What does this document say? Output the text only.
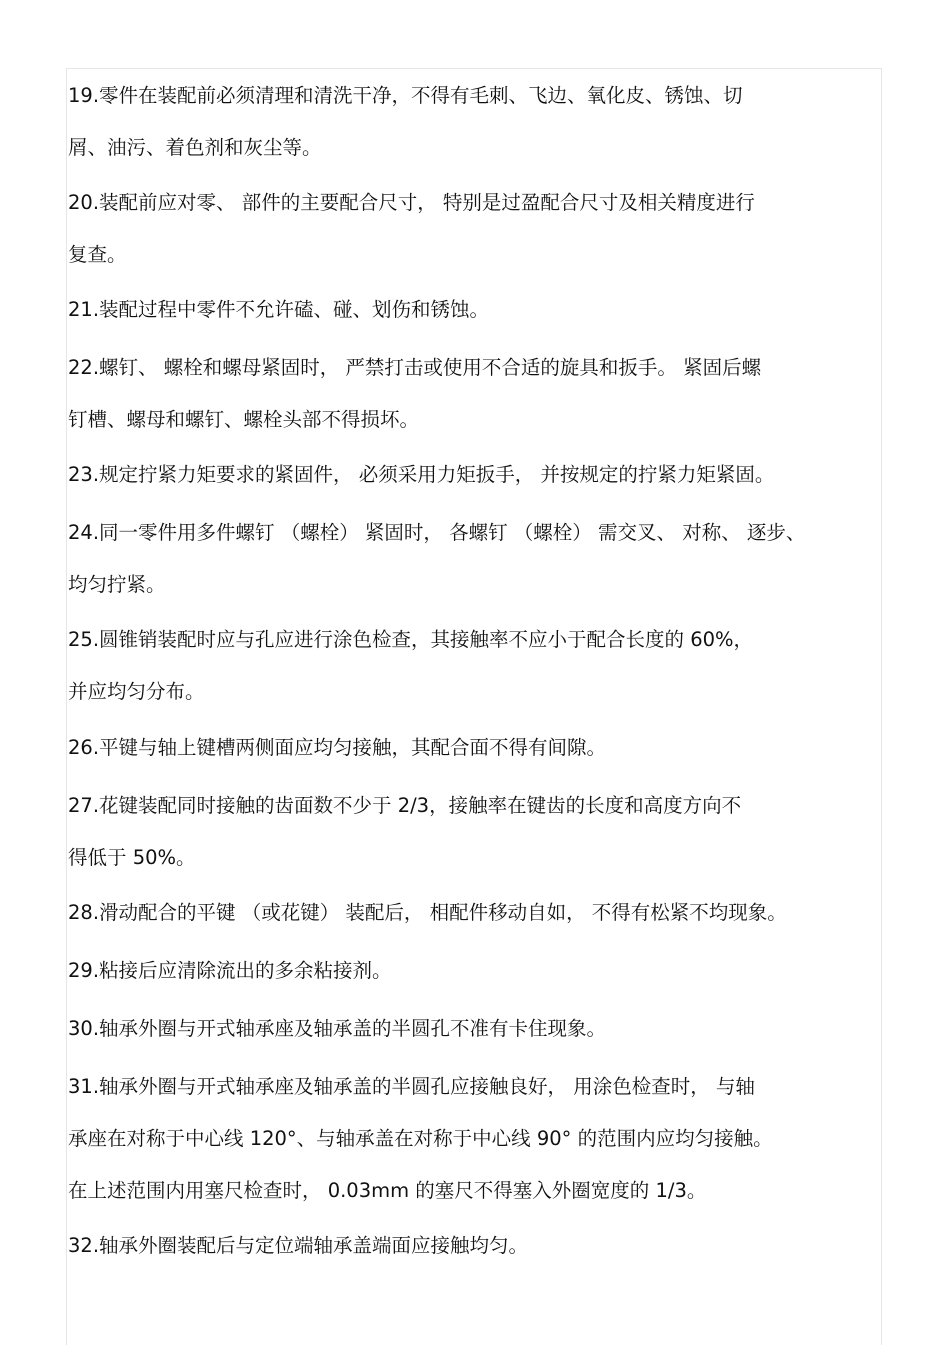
19.零件在装配前必须清理和清洗干净，不得有毛刺、飞边、氧化皮、锈蚀、切
屑、油污、着色剂和灰尘等。
20.装配前应对零、 部件的主要配合尺寸， 特别是过盈配合尺寸及相关精度进行
复查。
21.装配过程中零件不允许磕、碰、划伤和锈蚀。
22.螺钉、 螺栓和螺母紧固时， 严禁打击或使用不合适的旋具和扳手。 紧固后螺
钉槽、螺母和螺钉、螺栓头部不得损坏。
23.规定拧紧力矩要求的紧固件， 必须采用力矩扳手， 并按规定的拧紧力矩紧固。
24.同一零件用多件螺钉 （螺栓） 紧固时， 各螺钉 （螺栓） 需交叉、 对称、 逐步、
均匀拧紧。
25.圆锥销装配时应与孔应进行涂色检查，其接触率不应小于配合长度的 60%，
并应均匀分布。
26.平键与轴上键槽两侧面应均匀接触，其配合面不得有间隙。
27.花键装配同时接触的齿面数不少于 2/3，接触率在键齿的长度和高度方向不
得低于 50%。
28.滑动配合的平键 （或花键） 装配后， 相配件移动自如， 不得有松紧不均现象。
29.粘接后应清除流出的多余粘接剂。
30.轴承外圈与开式轴承座及轴承盖的半圆孔不准有卡住现象。
31.轴承外圈与开式轴承座及轴承盖的半圆孔应接触良好， 用涂色检查时， 与轴
承座在对称于中心线 120°、与轴承盖在对称于中心线 90° 的范围内应均匀接触。
在上述范围内用塞尺检查时， 0.03mm 的塞尺不得塞入外圈宽度的 1/3。
32.轴承外圈装配后与定位端轴承盖端面应接触均匀。
